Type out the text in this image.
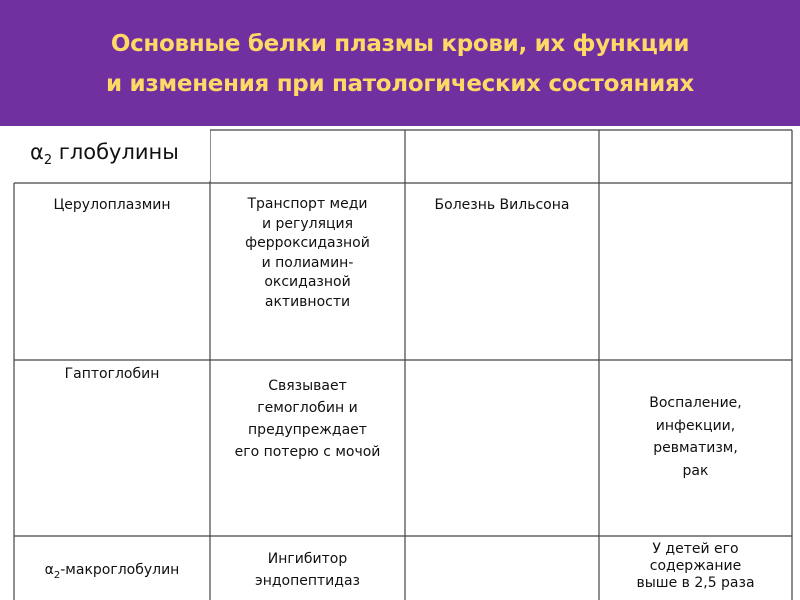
Основные белки плазмы крови, их функции
и изменения при патологических состояниях
$\alpha_2$ глобулины
Церулоплазмин	Транспорт меди
и регуляция
ферроксидазной
и полиамин-
оксидазной
активности
Болезнь Вильсона
Гаптоглобин
Связывает
гемоглобин и
предупреждает
его потерю с мочой
Воспаление,
инфекции,
ревматизм,
рак
$\alpha_2$-макроглобулин
Ингибитор
эндопептидаз
У детей его
содержание
выше в 2,5 раза
